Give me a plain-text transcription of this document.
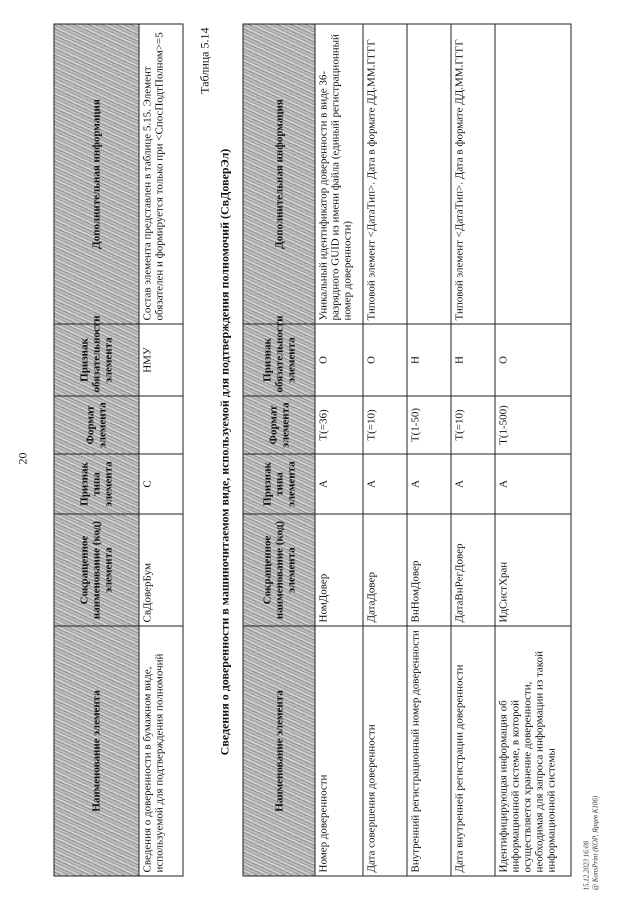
20
Наименование элемента	Сокращенное наименование (код) элемента	Признак типа элемента	Формат элемента	Признак обязательности элемента	Дополнительная информация
Сведения о доверенности в бумажном виде, используемой для подтверждения полномочий	СвДоверБум	С		НМУ	Состав элемента представлен в таблице 5.15. Элемент обязателен и формируется только при <СпосПодтПолном>=5	Таблица 5.14
Сведения о доверенности в машиночитаемом виде, используемой для подтверждения полномочий (СвДоверЭл)	Наименование элемента	Сокращенное наименование (код) элемента	Признак типа элемента	Формат элемента	Признак обязательности элемента	Дополнительная информация
Номер доверенности	НомДовер	А	Т(=36)	О	Уникальный идентификатор доверенности в виде 36-разрядного GUID из имени файла (единый регистрационный номер доверенности)
Дата совершения доверенности	ДатаДовер	А	Т(=10)	О	Типовой элемент <ДатаТип>. Дата в формате ДД.ММ.ГГГГ
Внутренний регистрационный номер доверенности	ВнНомДовер	А	Т(1-50)	Н	
Дата внутренней регистрации доверенности	ДатаВнРегДовер	А	Т(=10)	Н	Типовой элемент <ДатаТип>. Дата в формате ДД.ММ.ГГГГ
Идентифицирующая информация об информационной системе, в которой осуществляется хранение доверенности, необходимая для запроса информации из такой информационной системы	ИдСистХран	А	Т(1-500)	О	
15.12.2023 16:08 @ KonsPrint (КОР, Ярцев К106)
